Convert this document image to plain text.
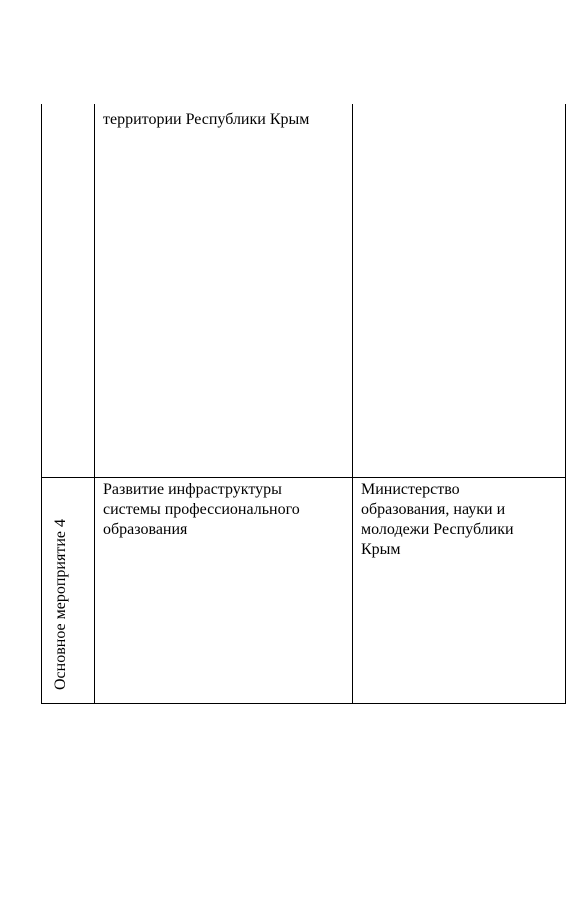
территории Республики Крым
Основное мероприятие 4
Развитие инфраструктуры
системы профессионального
образования
Министерство
образования, науки и
молодежи Республики
Крым
